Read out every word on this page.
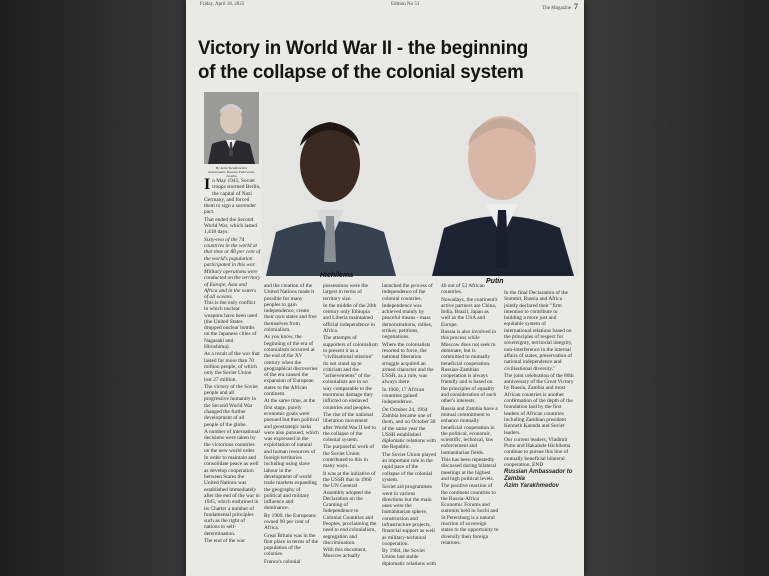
Friday, April 18, 2025	Edition No 51
The Magazine 7
Victory in World War II - the beginning
of the collapse of the colonial system
By Azim Yarakhmedov
Ambassador, Russian Federation, Zambia
Hichilema
Putin

In May 1945, Soviet troops stormed Berlin, the capital of Nazi Germany, and forced them to sign a surrender pact.

That ended the Second World War, which lasted 1,418 days.

Sixty-two of the 74 countries in the world at that time or 80 per cent of the world's population participated in this war.

Military operations were conducted on the territory of Europe, Asia and Africa and in the waters of all oceans.

This is the only conflict in which nuclear weapons have been used (the United States dropped nuclear bombs on the Japanese cities of Nagasaki and Hiroshima).

As a result of the war that lasted for more than 70 million people, of which only the Soviet Union lost 27 million.

The victory of the Soviet people and all progressive humanity in the Second World War changed the further development of all people of the globe.

A number of international decisions were taken by the victorious countries on the new world order.

In order to maintain and consolidate peace as well as develop cooperation between States the United Nations was established immediately after the end of the war in 1945, which enshrined in its Charter a number of fundamental principles such as the right of nations to self-determination.

The end of the war

and the creation of the United Nations made it possible for many peoples to gain independence, create their own states and free themselves from colonialism.

As you know, the beginning of the era of colonialism occurred at the end of the XV century when the geographical discoveries of the era caused the expansion of European states to the African continent.

At the same time, at the first stage, purely economic goals were pursued but then political and geostrategic tasks were also pursued, which was expressed in the exploitation of natural and human resources of foreign territories including using slave labour in the development of world trade markets expanding the geography of political and military influence and dominance.

By 1900, the Europeans owned 90 per cent of Africa.

Great Britain was in the first place in terms of the population of the colonies.

France's colonial

possessions were the largest in terms of territory size.

In the middle of the 20th century only Ethiopia and Liberia maintained official independence in Africa.

The attempts of supporters of colonialism to present it as a "civilisational mission" do not stand up to criticism and the "achievements" of the colonialists are in no way comparable to the enormous damage they inflicted on enslaved countries and peoples.

The rise of the national liberation movement after World War II led to the collapse of the colonial system.

The purposeful work of the Soviet Union contributed to this in many ways.

It was at the initiative of the USSR that in 1960 the UN General Assembly adopted the Declaration on the Granting of Independence to Colonial Countries and Peoples, proclaiming the need to end colonialism, segregation and discrimination.

With this document, Moscow actually

launched the process of independence of the colonial countries.

Independence was achieved mainly by peaceful means - mass demonstrations, rallies, strikes, petitions, negotiations.

Where the colonialists resorted to force, the national liberation struggle acquired an armed character and the USSR, as a rule, was always there.

In 1960, 17 African countries gained independence.

On October 24, 1964 Zambia became one of them, and on October 30 of the same year the USSR established diplomatic relations with the Republic.

The Soviet Union played an important role in the rapid pace of the collapse of the colonial system.

Soviet aid programmes went in various directions but the main ones were the humanitarian sphere, construction and infrastructure projects, financial support as well as military-technical cooperation.

By 1984, the Soviet Union had stable diplomatic relations with

46 out of 53 African countries.

Nowadays, the continent's active partners are China, India, Brazil, Japan as well as the USA and Europe.

Russia is also involved in this process while Moscow does not seek to dominate, but is committed to mutually beneficial cooperation. Russian-Zambian cooperation is always friendly and is based on the principles of equality and consideration of each other's interests.

Russia and Zambia have a mutual commitment to enhance mutually beneficial cooperation in the political, economic, scientific, technical, law enforcement and humanitarian fields.

This has been repeatedly discussed during bilateral meetings at the highest and high political levels.

The positive reaction of the continent countries to the Russia-Africa Economic Forums and summits held in Sochi and St Petersburg is a natural reaction of sovereign states to the opportunity to diversify their foreign relations.

In the final Declaration of the Summit, Russia and Africa jointly declared their "firm intention to contribute to building a more just and equitable system of international relations based on the principles of respect for sovereignty, territorial integrity, non-interference in the internal affairs of states, preservation of national independence and civilisational diversity."

The joint celebration of the 80th anniversary of the Great Victory by Russia, Zambia and most African countries is another confirmation of the depth of the foundation laid by the first leaders of African countries including Zambian president Kenneth Kaunda and Soviet leaders.

Our current leaders, Vladimir Putin and Hakainde Hichilema continue to pursue this line of mutually beneficial bilateral cooperation. END

Russian Ambassador to Zambia

Azim Yarakhmedov
